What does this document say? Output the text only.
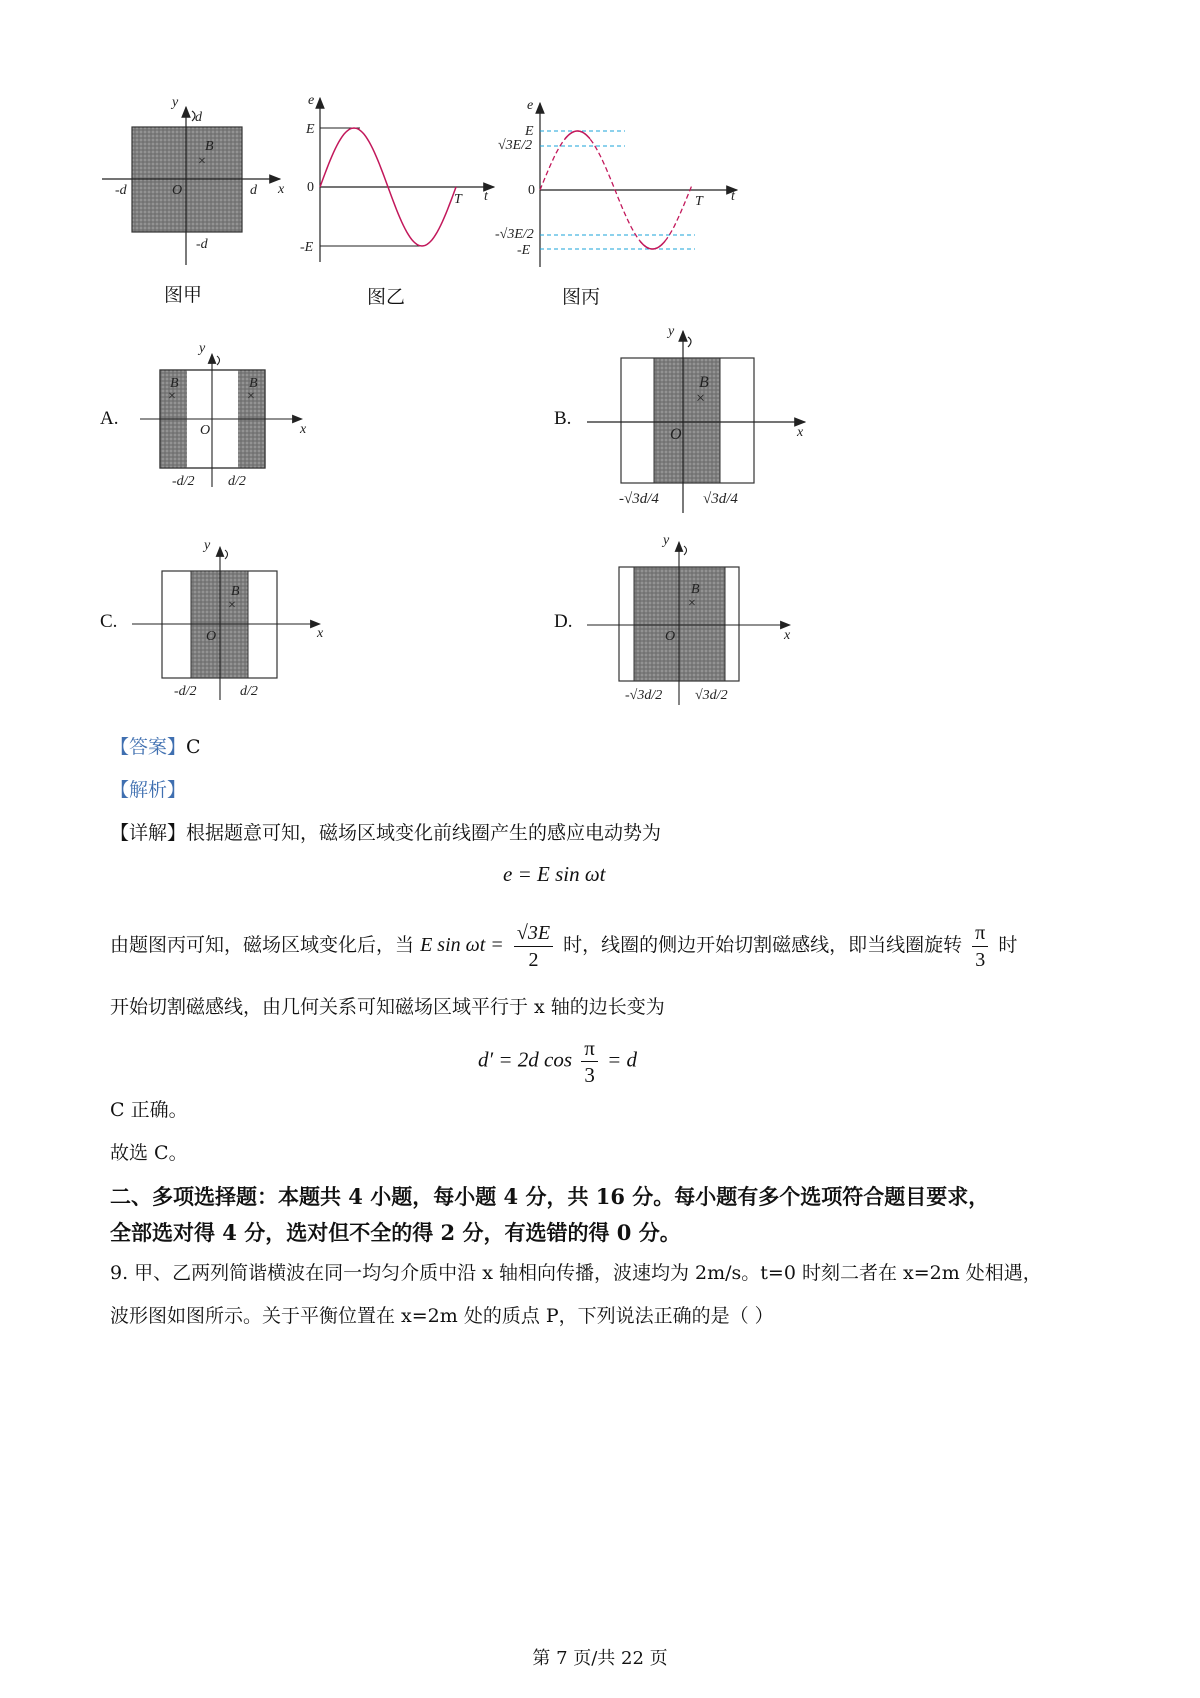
y
d
B
×
-d	O	d x
-d
图甲
e
E
0
-E
T t
图乙
e
E
√3E/2
0
-√3E/2
-E
T t
图丙
A.
y
B
×
B
×
O	x
-d/2 d/2
B.
y
B
×
O	x
-√3d/4	√3d/4
C.
y
B
×
O	x
-d/2	d/2
D.
y
B
×
O	x
-√3d/2 √3d/2
【答案】C
【解析】
【详解】根据题意可知，磁场区域变化前线圈产生的感应电动势为
e = E sin ωt
由题图丙可知，磁场区域变化后，当 E $\sin \omega t = \frac{√3E}{2}$ 时，线圈的侧边开始切割磁感线，即当线圈旋转 $\frac{\pi}{3}$ 时
开始切割磁感线，由几何关系可知磁场区域平行于 x 轴的边长变为
d′ = 2d $\cos \frac{\pi}{3} = d$
C 正确。
故选 C。
二、多项选择题：本题共 4 小题，每小题 4 分，共 16 分。每小题有多个选项符合题目要求，
全部选对得 4 分，选对但不全的得 2 分，有选错的得 0 分。
9. 甲、乙两列简谐横波在同一均匀介质中沿 x 轴相向传播，波速均为 2m/s。t=0 时刻二者在 x=2m 处相遇，
波形图如图所示。关于平衡位置在 x=2m 处的质点 P，下列说法正确的是（ ）
第 7 页/共 22 页
